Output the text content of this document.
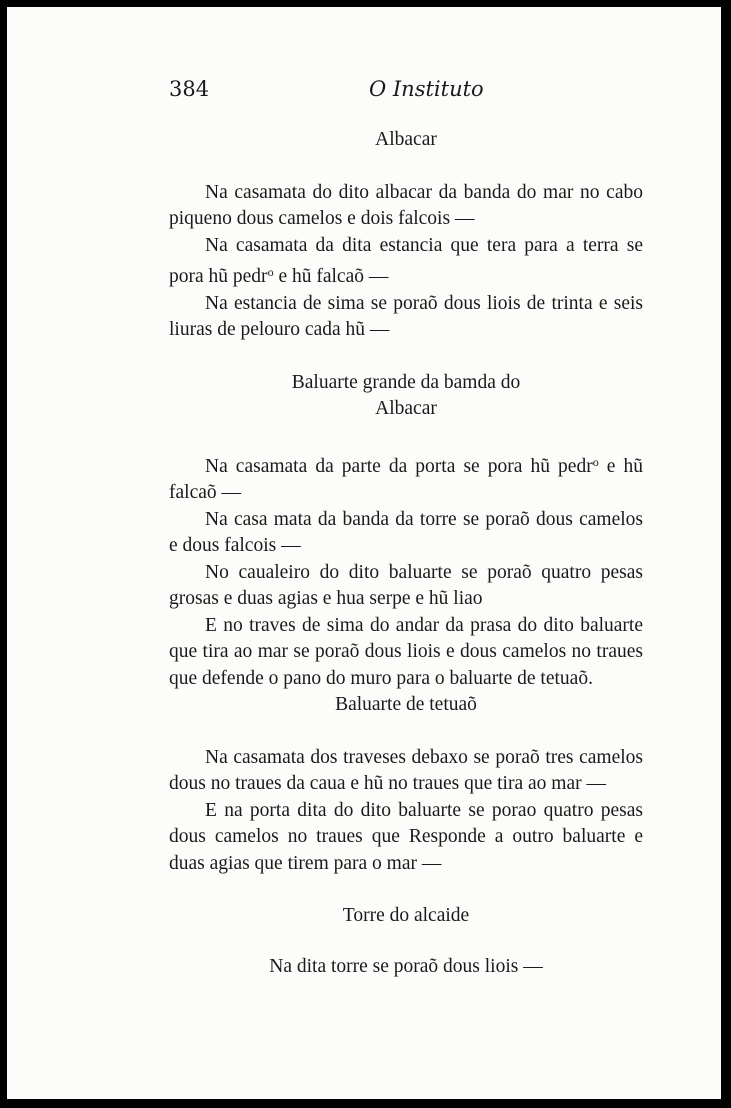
384	O Instituto
Albacar

Na casamata do dito albacar da banda do mar no cabo piqueno dous camelos e dois falcois —

Na casamata da dita estancia que tera para a terra se pora hũ pedr$^o$ e hũ falcaõ —

Na estancia de sima se poraõ dous liois de trinta e seis liuras de pelouro cada hũ —

Baluarte grande da bamda do
Albacar

Na casamata da parte da porta se pora hũ pedr$^o$ e hũ falcaõ —

Na casa mata da banda da torre se poraõ dous camelos e dous falcois —

No caualeiro do dito baluarte se poraõ quatro pesas grosas e duas agias e hua serpe e hũ liao

E no traves de sima do andar da prasa do dito baluarte que tira ao mar se poraõ dous liois e dous camelos no traues que defende o pano do muro para o baluarte de tetuaõ.

Baluarte de tetuaõ

Na casamata dos traveses debaxo se poraõ tres camelos dous no traues da caua e hũ no traues que tira ao mar —

E na porta dita do dito baluarte se porao quatro pesas dous camelos no traues que Responde a outro baluarte e duas agias que tirem para o mar —

Torre do alcaide
Na dita torre se poraõ dous liois —
